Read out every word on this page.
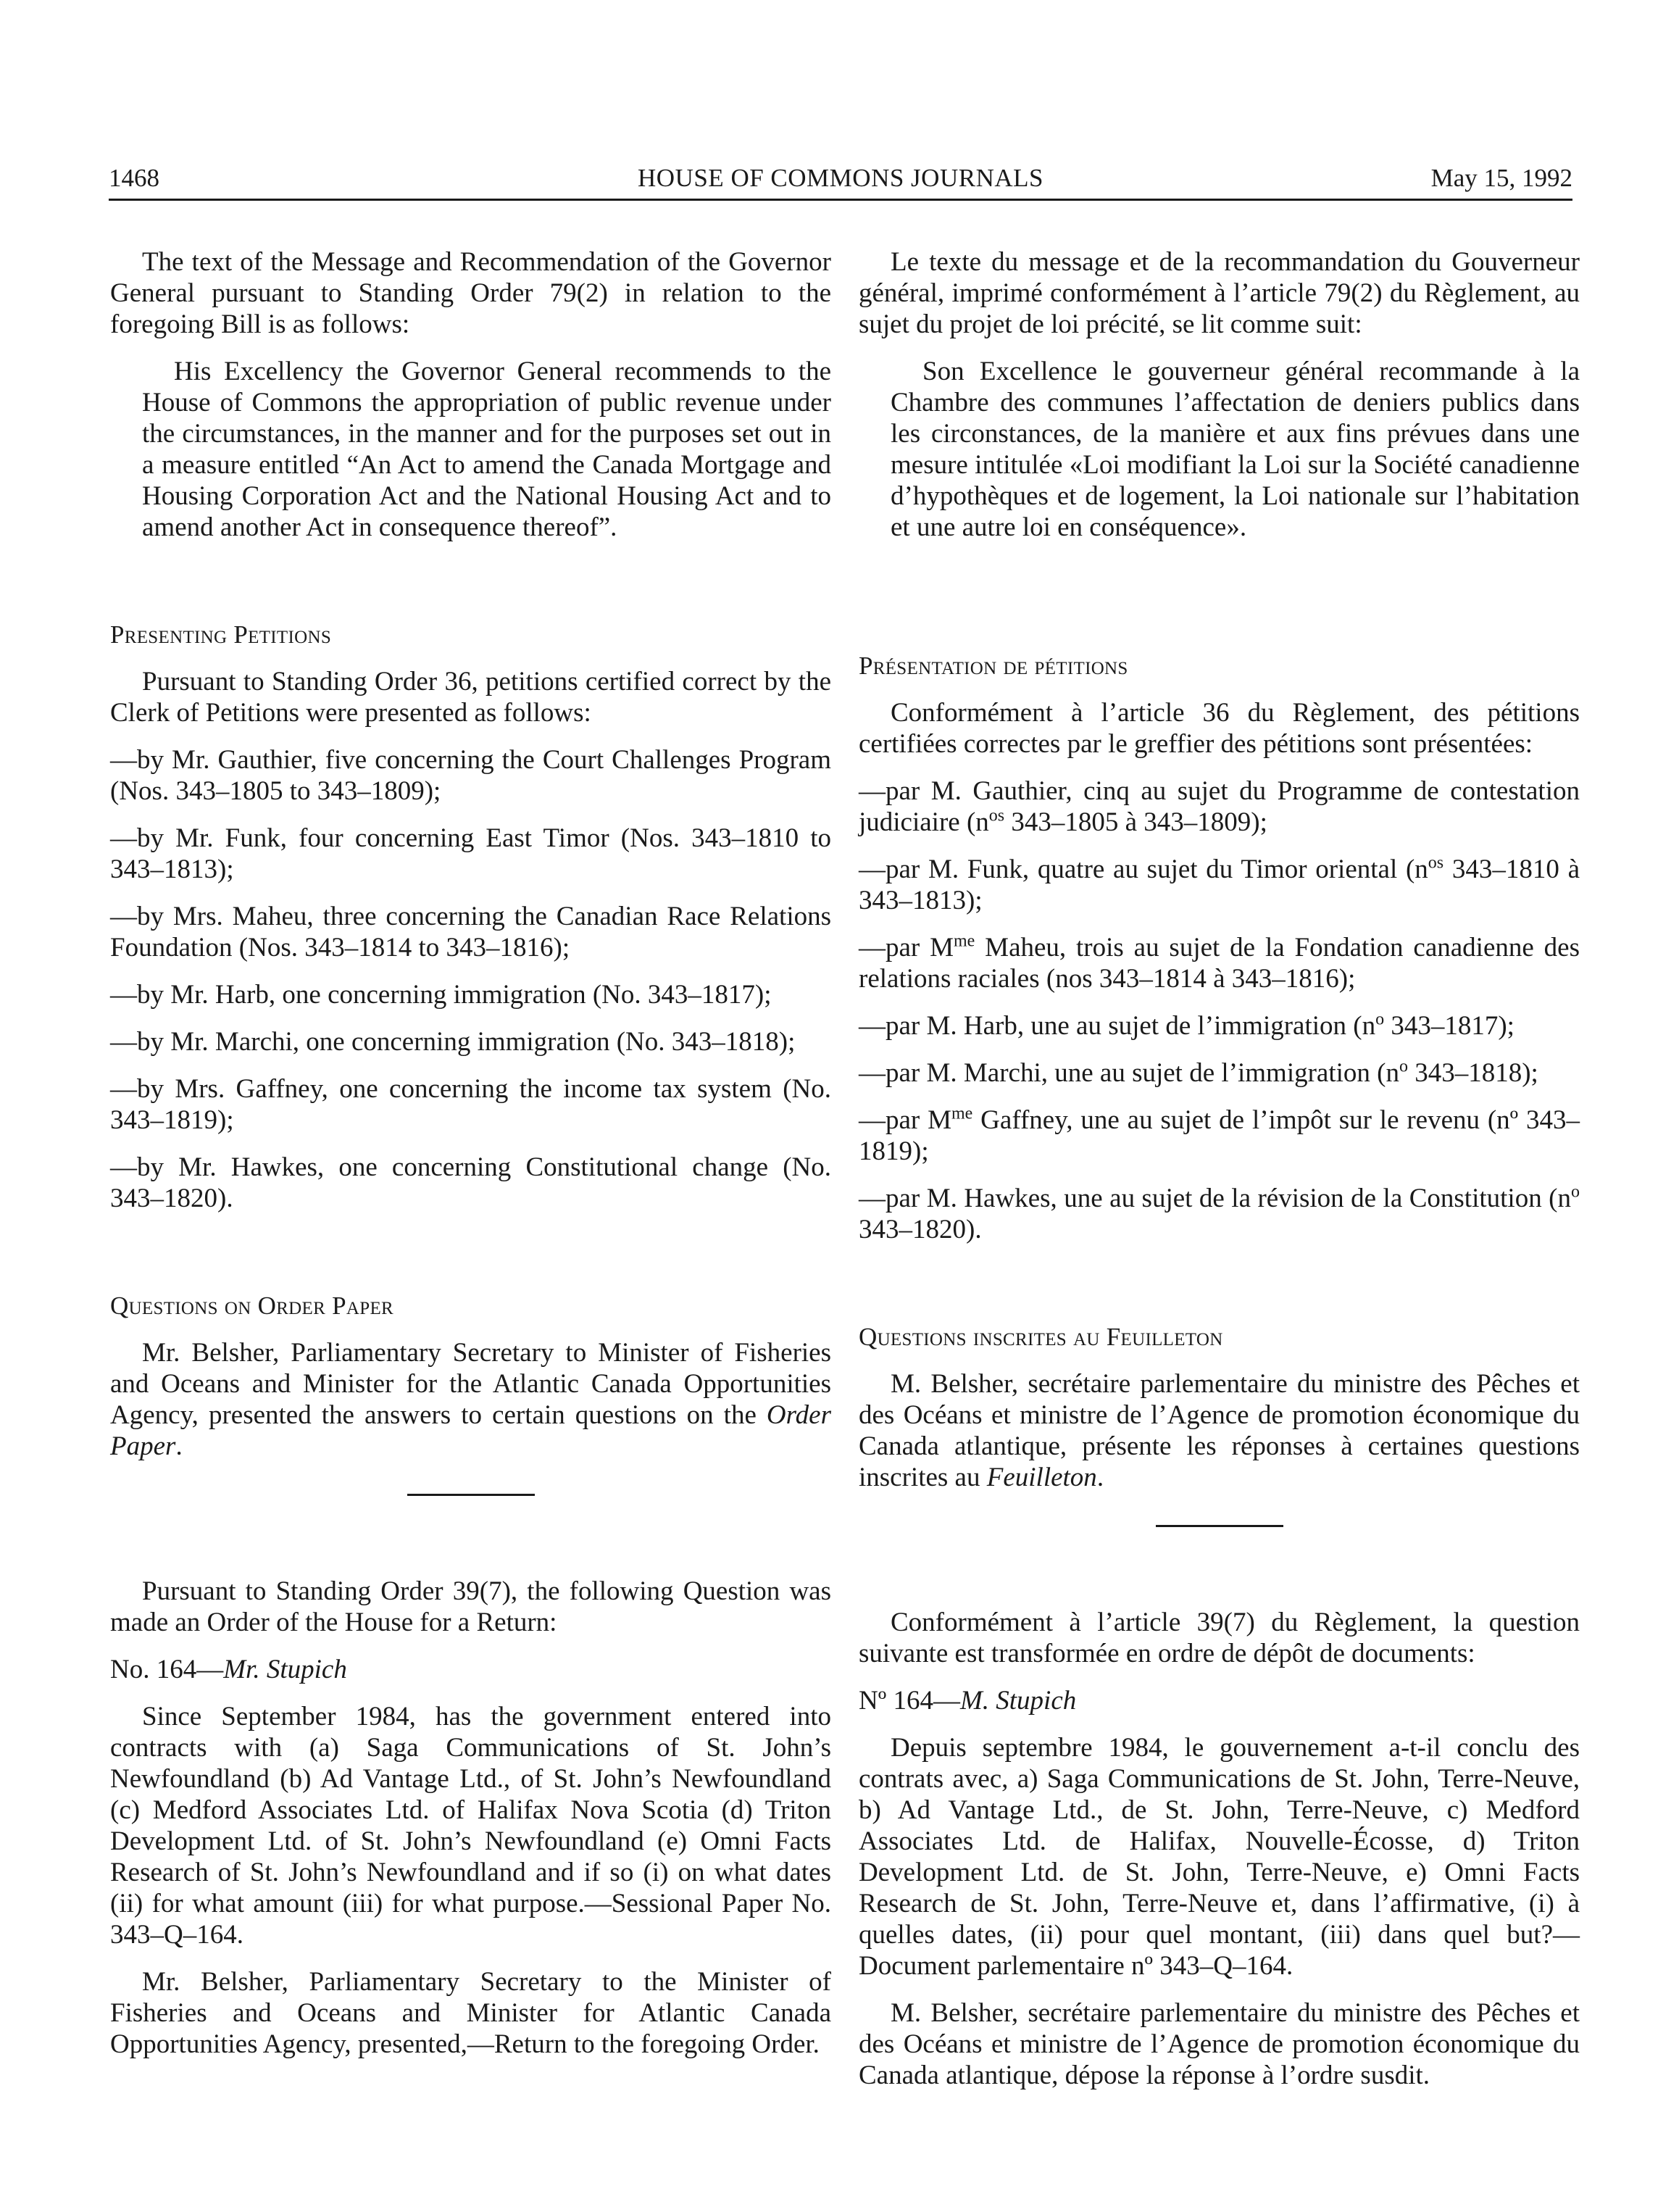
1468	HOUSE OF COMMONS JOURNALS	May 15, 1992

The text of the Message and Recommendation of the Governor General pursuant to Standing Order 79(2) in relation to the foregoing Bill is as follows:

His Excellency the Governor General recommends to the House of Commons the appropriation of public revenue under the circumstances, in the manner and for the purposes set out in a measure entitled “An Act to amend the Canada Mortgage and Housing Corporation Act and the National Housing Act and to amend another Act in consequence thereof”.

Presenting Petitions

Pursuant to Standing Order 36, petitions certified correct by the Clerk of Petitions were presented as follows:

—by Mr. Gauthier, five concerning the Court Challenges Program (Nos. 343–1805 to 343–1809);

—by Mr. Funk, four concerning East Timor (Nos. 343–1810 to 343–1813);

—by Mrs. Maheu, three concerning the Canadian Race Relations Foundation (Nos. 343–1814 to 343–1816);

—by Mr. Harb, one concerning immigration (No. 343–1817);

—by Mr. Marchi, one concerning immigration (No. 343–1818);

—by Mrs. Gaffney, one concerning the income tax system (No. 343–1819);

—by Mr. Hawkes, one concerning Constitutional change (No. 343–1820).

Questions on Order Paper

Mr. Belsher, Parliamentary Secretary to Minister of Fisheries and Oceans and Minister for the Atlantic Canada Opportunities Agency, presented the answers to certain questions on the Order Paper.

Pursuant to Standing Order 39(7), the following Question was made an Order of the House for a Return:

No. 164—Mr. Stupich

Since September 1984, has the government entered into contracts with (a) Saga Communications of St. John’s Newfoundland (b) Ad Vantage Ltd., of St. John’s Newfoundland (c) Medford Associates Ltd. of Halifax Nova Scotia (d) Triton Development Ltd. of St. John’s Newfoundland (e) Omni Facts Research of St. John’s Newfoundland and if so (i) on what dates (ii) for what amount (iii) for what purpose.—Sessional Paper No. 343–Q–164.

Mr. Belsher, Parliamentary Secretary to the Minister of Fisheries and Oceans and Minister for Atlantic Canada Opportunities Agency, presented,—Return to the foregoing Order.

Le texte du message et de la recommandation du Gouverneur général, imprimé conformément à l’article 79(2) du Règlement, au sujet du projet de loi précité, se lit comme suit:

Son Excellence le gouverneur général recommande à la Chambre des communes l’affectation de deniers publics dans les circonstances, de la manière et aux fins prévues dans une mesure intitulée «Loi modifiant la Loi sur la Société canadienne d’hypothèques et de logement, la Loi nationale sur l’habitation et une autre loi en conséquence».

Présentation de pétitions

Conformément à l’article 36 du Règlement, des pétitions certifiées correctes par le greffier des pétitions sont présentées:

—par M. Gauthier, cinq au sujet du Programme de contestation judiciaire ($n^{os}$ 343–1805 à 343–1809);

—par M. Funk, quatre au sujet du Timor oriental ($n^{os}$ 343–1810 à 343–1813);

—par $M^{me}$ Maheu, trois au sujet de la Fondation canadienne des relations raciales (nos 343–1814 à 343–1816);

—par M. Harb, une au sujet de l’immigration ($n^o$ 343–1817);

—par M. Marchi, une au sujet de l’immigration ($n^o$ 343–1818);

—par $M^{me}$ Gaffney, une au sujet de l’impôt sur le revenu (nº 343–1819);

—par M. Hawkes, une au sujet de la révision de la Constitution ($n^o$ 343–1820).

Questions inscrites au Feuilleton

M. Belsher, secrétaire parlementaire du ministre des Pêches et des Océans et ministre de l’Agence de promotion économique du Canada atlantique, présente les réponses à certaines questions inscrites au Feuilleton.

Conformément à l’article 39(7) du Règlement, la question suivante est transformée en ordre de dépôt de documents:

Nº 164—M. Stupich

Depuis septembre 1984, le gouvernement a-t-il conclu des contrats avec, a) Saga Communications de St. John, Terre-Neuve, b) Ad Vantage Ltd., de St. John, Terre-Neuve, c) Medford Associates Ltd. de Halifax, Nouvelle-Écosse, d) Triton Development Ltd. de St. John, Terre-Neuve, e) Omni Facts Research de St. John, Terre-Neuve et, dans l’affirmative, (i) à quelles dates, (ii) pour quel montant, (iii) dans quel but?—Document parlementaire nº 343–Q–164.

M. Belsher, secrétaire parlementaire du ministre des Pêches et des Océans et ministre de l’Agence de promotion économique du Canada atlantique, dépose la réponse à l’ordre susdit.
